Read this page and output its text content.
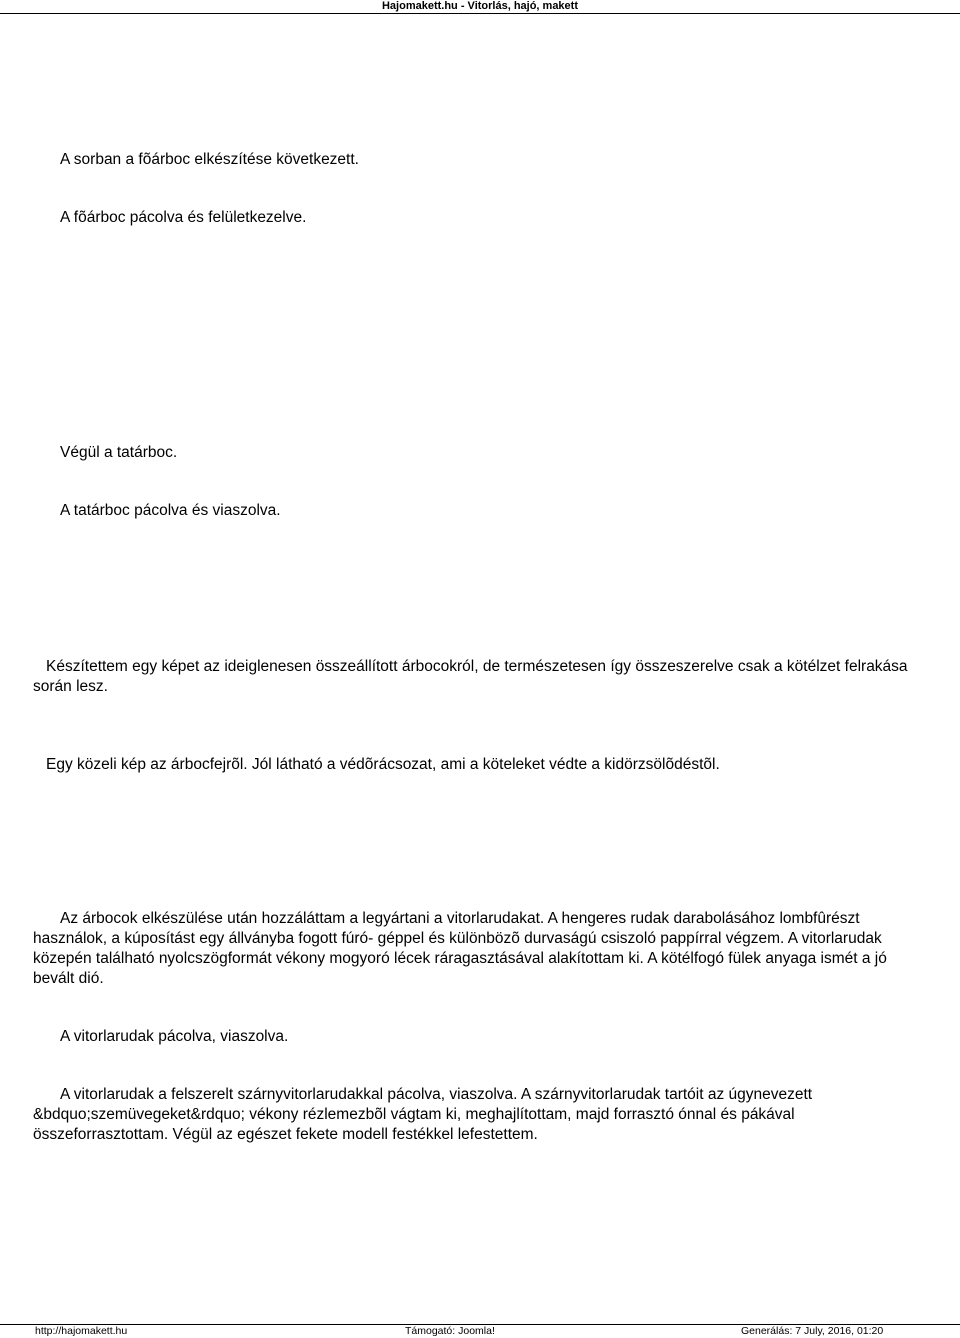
Hajomakett.hu - Vitorlás, hajó, makett

A sorban a fõárboc elkészítése következett.

A fõárboc pácolva és felületkezelve.

Végül a tatárboc.

A tatárboc pácolva és viaszolva.

Készítettem egy képet az ideiglenesen összeállított árbocokról, de természetesen így összeszerelve csak a kötélzet felrakása során lesz.

Egy közeli kép az árbocfejrõl. Jól látható a védõrácsozat, ami a köteleket védte a kidörzsölõdéstõl.

Az árbocok elkészülése után hozzáláttam a legyártani a vitorlarudakat. A hengeres rudak darabolásához lombfûrészt használok, a kúposítást egy állványba fogott fúró- géppel és különbözõ durvaságú csiszoló pappírral végzem. A vitorlarudak közepén található nyolcszögformát vékony mogyoró lécek ráragasztásával alakítottam ki. A kötélfogó fülek anyaga ismét a jó bevált dió.

A vitorlarudak pácolva, viaszolva.

A vitorlarudak a felszerelt szárnyvitorlarudakkal pácolva, viaszolva. A szárnyvitorlarudak tartóit az úgynevezett &bdquo;szemüvegeket&rdquo; vékony rézlemezbõl vágtam ki, meghajlítottam, majd forrasztó ónnal és pákával összeforrasztottam. Végül az egészet fekete modell festékkel lefestettem.

http://hajomakett.hu	Támogató: Joomla!	Generálás: 7 July, 2016, 01:20
